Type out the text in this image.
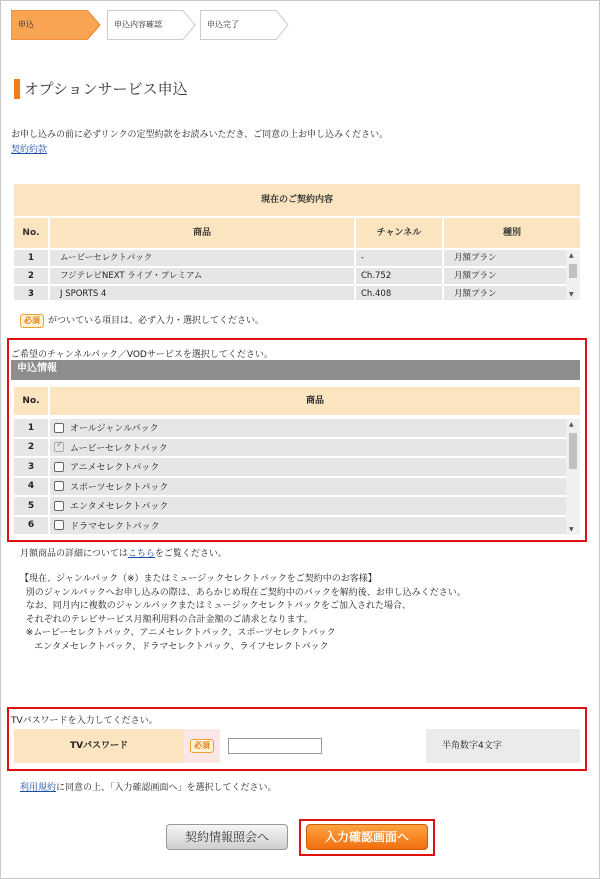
申込	申込内容確認	申込完了
オプションサービス申込
お申し込みの前に必ずリンクの定型約款をお読みいただき、ご同意の上お申し込みください。
契約約款
現在のご契約内容
No.	商品	チャンネル	種別
1	ムービーセレクトパック	-	月額プラン
2	フジテレビNEXT ライブ・プレミアム	Ch.752	月額プラン
3	J SPORTS 4	Ch.408	月額プラン
▲
▼
必須 がついている項目は、必ず入力・選択してください。
ご希望のチャンネルパック／VODサービスを選択してください。
申込情報
No.	商品
1	オールジャンルパック
2
✓	ムービーセレクトパック
3	アニメセレクトパック
4	スポーツセレクトパック
5	エンタメセレクトパック
6	ドラマセレクトパック
▲
▼
月額商品の詳細についてはこちらをご覧ください。
【現在、ジャンルパック（※）またはミュージックセレクトパックをご契約中のお客様】
別のジャンルパックへお申し込みの際は、あらかじめ現在ご契約中のパックを解約後、お申し込みください。
なお、同月内に複数のジャンルパックまたはミュージックセレクトパックをご加入された場合、
それぞれのテレビサービス月額利用料の合計金額のご請求となります。
※ムービーセレクトパック、アニメセレクトパック、スポーツセレクトパック
エンタメセレクトパック、ドラマセレクトパック、ライフセレクトパック
TVパスワードを入力してください。
TVパスワード	必須	半角数字4文字
利用規約に同意の上、「入力確認画面へ」を選択してください。
契約情報照会へ	入力確認画面へ
